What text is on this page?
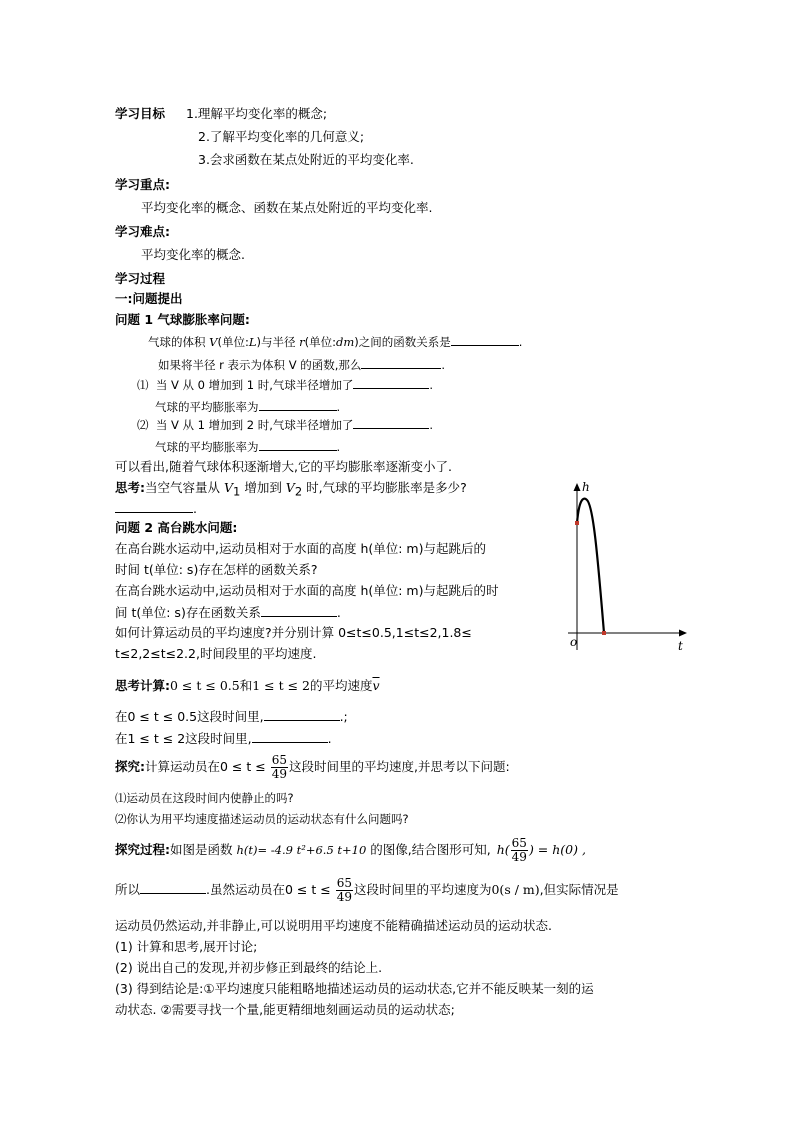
学习目标 1.理解平均变化率的概念;
2.了解平均变化率的几何意义;
3.会求函数在某点处附近的平均变化率.
学习重点:
平均变化率的概念、函数在某点处附近的平均变化率.
学习难点:
平均变化率的概念.
学习过程
一:问题提出
问题 1 气球膨胀率问题:
气球的体积 V(单位:L)与半径 r(单位:dm)之间的函数关系是	.
如果将半径 r 表示为体积 V 的函数,那么	.
⑴ 当 V 从 0 增加到 1 时,气球半径增加了	.
气球的平均膨胀率为	.
⑵ 当 V 从 1 增加到 2 时,气球半径增加了	.
气球的平均膨胀率为	.
可以看出,随着气球体积逐渐增大,它的平均膨胀率逐渐变小了.
思考:当空气容量从 $V_1$ 增加到 $V_2$ 时,气球的平均膨胀率是多少?
.
问题 2 高台跳水问题:
在高台跳水运动中,运动员相对于水面的高度 h(单位: m)与起跳后的
时间 t(单位: s)存在怎样的函数关系?
在高台跳水运动中,运动员相对于水面的高度 h(单位: m)与起跳后的时
间 t(单位: s)存在函数关系	.
如何计算运动员的平均速度?并分别计算 0≤t≤0.5,1≤t≤2,1.8≤
t≤2,2≤t≤2.2,时间段里的平均速度.
h
t
o
思考计算:0 ≤ t ≤ 0.5和1 ≤ t ≤ 2的平均速度$\overline{v}$
在0 ≤ t ≤ 0.5这段时间里,	.;
在1 ≤ t ≤ 2这段时间里,	.
探究:计算运动员在$0 \le t \le \frac{65}{49}$ 这段时间里的平均速度,并思考以下问题:
⑴运动员在这段时间内使静止的吗?
⑵你认为用平均速度描述运动员的运动状态有什么问题吗?
探究过程:如图是函数 h(t)= -4.9 t²+6.5 t+10 的图像,结合图形可知, $h( \frac{65}{49}$ ) = h(0) ,
所以	.虽然运动员在$0 \le t \le \frac{65}{49}$ 这段时间里的平均速度为0(s / m),但实际情况是
运动员仍然运动,并非静止,可以说明用平均速度不能精确描述运动员的运动状态.
(1) 计算和思考,展开讨论;
(2) 说出自己的发现,并初步修正到最终的结论上.
(3) 得到结论是:①平均速度只能粗略地描述运动员的运动状态,它并不能反映某一刻的运
动状态. ②需要寻找一个量,能更精细地刻画运动员的运动状态;
